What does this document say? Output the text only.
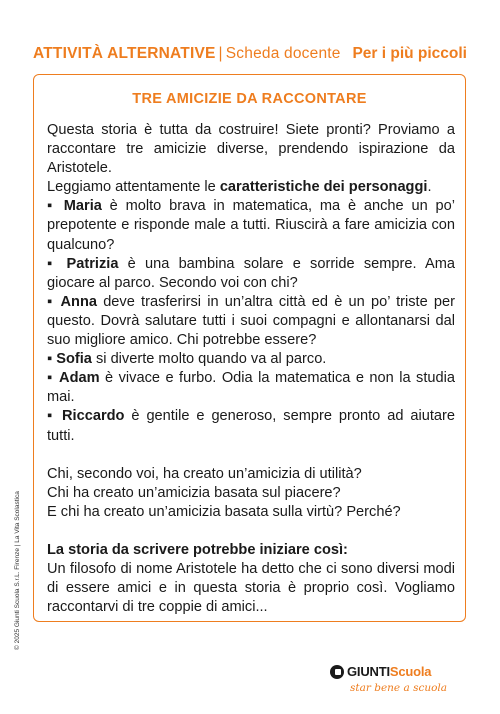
ATTIVITÀ ALTERNATIVE | Scheda docente Per i più piccoli
TRE AMICIZIE DA RACCONTARE

Questa storia è tutta da costruire! Siete pronti? Proviamo a raccontare tre amicizie diverse, prendendo ispirazione da Aristotele.

Leggiamo attentamente le caratteristiche dei personaggi.

▪ Maria è molto brava in matematica, ma è anche un po’ prepotente e risponde male a tutti. Riuscirà a fare amicizia con qualcuno?

▪ Patrizia è una bambina solare e sorride sempre. Ama giocare al parco. Secondo voi con chi?

▪ Anna deve trasferirsi in un’altra città ed è un po’ triste per questo. Dovrà salutare tutti i suoi compagni e allontanarsi dal suo migliore amico. Chi potrebbe essere?

▪ Sofia si diverte molto quando va al parco.

▪ Adam è vivace e furbo. Odia la matematica e non la studia mai.

▪ Riccardo è gentile e generoso, sempre pronto ad aiutare tutti.

Chi, secondo voi, ha creato un’amicizia di utilità?

Chi ha creato un’amicizia basata sul piacere?

E chi ha creato un’amicizia basata sulla virtù? Perché?

La storia da scrivere potrebbe iniziare così:

Un filosofo di nome Aristotele ha detto che ci sono diversi modi di essere amici e in questa storia è proprio così. Vogliamo raccontarvi di tre coppie di amici...

© 2025 Giunti Scuola S.r.L. Firenze | La Vita Scolastica
GIUNTI Scuola
star bene a scuola
